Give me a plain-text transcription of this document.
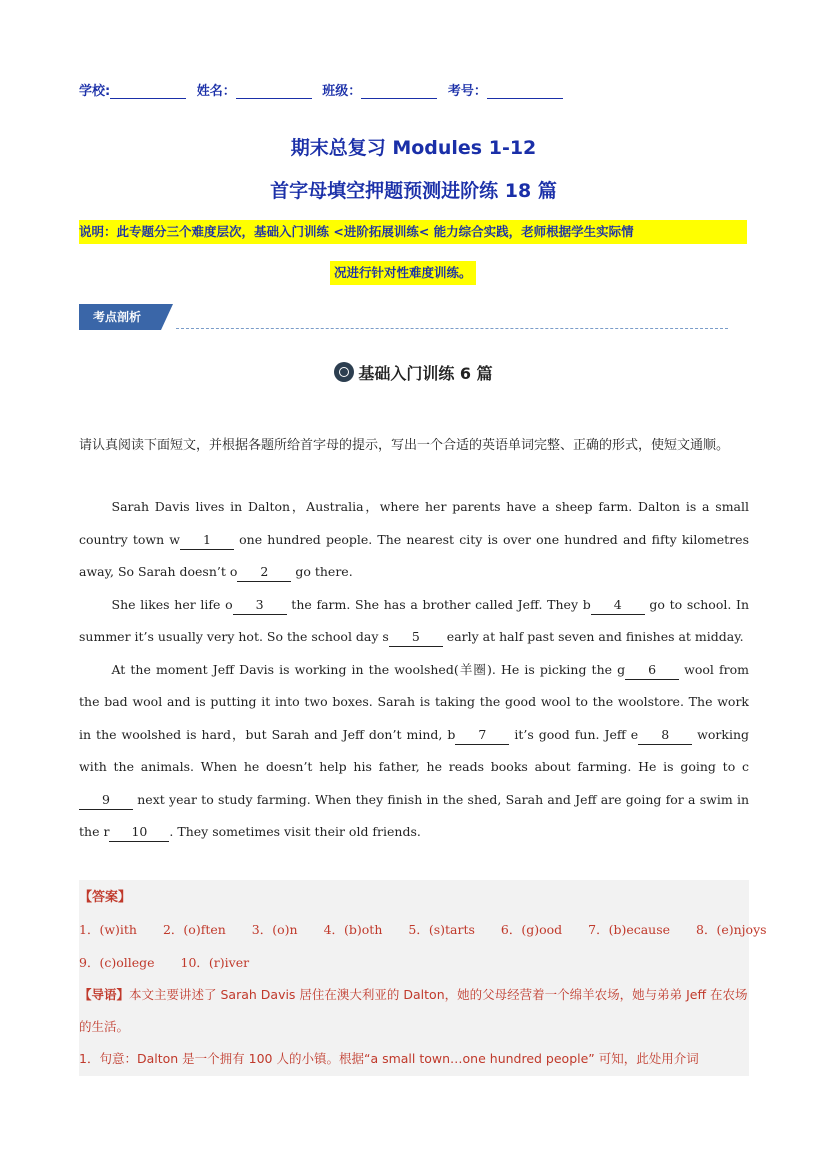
学校:	姓名：	班级：	考号：
期末总复习 Modules 1-12
首字母填空押题预测进阶练 18 篇
说明：此专题分三个难度层次，基础入门训练 <进阶拓展训练< 能力综合实践，老师根据学生实际情
况进行针对性难度训练。
考点剖析
基础入门训练 6 篇
请认真阅读下面短文，并根据各题所给首字母的提示，写出一个合适的英语单词完整、正确的形式，使短文通顺。

Sarah Davis lives in Dalton，Australia，where her parents have a sheep farm. Dalton is a small country town w 1 one hundred people. The nearest city is over one hundred and fifty kilometres away, So Sarah doesn’t o 2 go there.

She likes her life o 3 the farm. She has a brother called Jeff. They b 4 go to school. In summer it’s usually very hot. So the school day s 5 early at half past seven and finishes at midday.

At the moment Jeff Davis is working in the woolshed(羊圈). He is picking the g 6 wool from the bad wool and is putting it into two boxes. Sarah is taking the good wool to the woolstore. The work in the woolshed is hard，but Sarah and Jeff don’t mind, b 7 it’s good fun. Jeff e 8 working with the animals. When he doesn’t help his father, he reads books about farming. He is going to c9 next year to study farming. When they finish in the shed, Sarah and Jeff are going for a swim in the r 10 . They sometimes visit their old friends.

【答案】
1．(w)ith 2．(o)ften 3．(o)n 4．(b)oth 5．(s)tarts 6．(g)ood 7．(b)ecause 8．(e)njoys
9．(c)ollege 10．(r)iver
【导语】本文主要讲述了 Sarah Davis 居住在澳大利亚的 Dalton，她的父母经营着一个绵羊农场，她与弟弟 Jeff 在农场的生活。
1．句意：Dalton 是一个拥有 100 人的小镇。根据“a small town…one hundred people” 可知，此处用介词
